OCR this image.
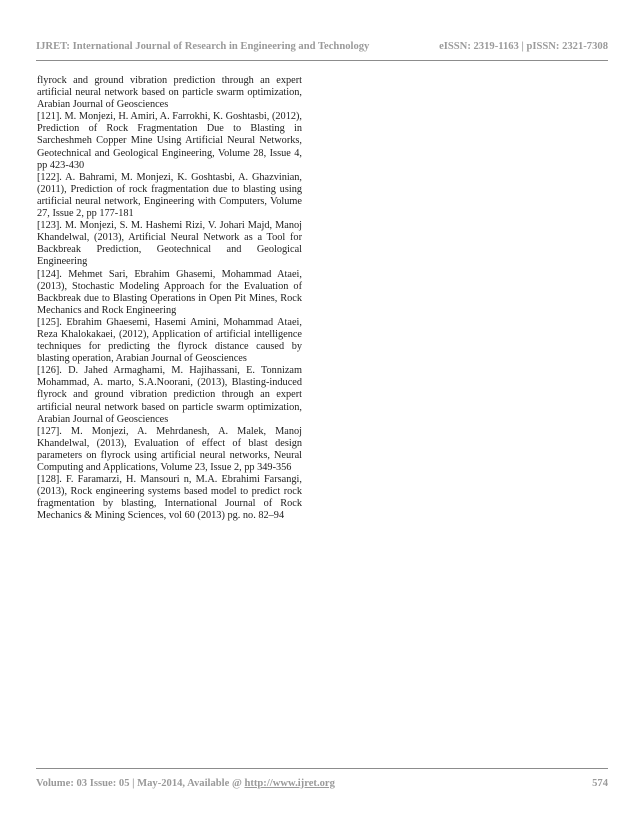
IJRET: International Journal of Research in Engineering and Technology	eISSN: 2319-1163 | pISSN: 2321-7308

flyrock and ground vibration prediction through an expert artificial neural network based on particle swarm optimization, Arabian Journal of Geosciences

[121]. M. Monjezi, H. Amiri, A. Farrokhi, K. Goshtasbi, (2012), Prediction of Rock Fragmentation Due to Blasting in Sarcheshmeh Copper Mine Using Artificial Neural Networks, Geotechnical and Geological Engineering, Volume 28, Issue 4, pp 423-430

[122]. A. Bahrami, M. Monjezi, K. Goshtasbi, A. Ghazvinian, (2011), Prediction of rock fragmentation due to blasting using artificial neural network, Engineering with Computers, Volume 27, Issue 2, pp 177-181

[123]. M. Monjezi, S. M. Hashemi Rizi, V. Johari Majd, Manoj Khandelwal, (2013), Artificial Neural Network as a Tool for Backbreak Prediction, Geotechnical and Geological Engineering

[124]. Mehmet Sari, Ebrahim Ghasemi, Mohammad Ataei, (2013), Stochastic Modeling Approach for the Evaluation of Backbreak due to Blasting Operations in Open Pit Mines, Rock Mechanics and Rock Engineering

[125]. Ebrahim Ghaesemi, Hasemi Amini, Mohammad Ataei, Reza Khalokakaei, (2012), Application of artificial intelligence techniques for predicting the flyrock distance caused by blasting operation, Arabian Journal of Geosciences

[126]. D. Jahed Armaghami, M. Hajihassani, E. Tonnizam Mohammad, A. marto, S.A.Noorani, (2013), Blasting-induced flyrock and ground vibration prediction through an expert artificial neural network based on particle swarm optimization, Arabian Journal of Geosciences

[127]. M. Monjezi, A. Mehrdanesh, A. Malek, Manoj Khandelwal, (2013), Evaluation of effect of blast design parameters on flyrock using artificial neural networks, Neural Computing and Applications, Volume 23, Issue 2, pp 349-356

[128]. F. Faramarzi, H. Mansouri n, M.A. Ebrahimi Farsangi, (2013), Rock engineering systems based model to predict rock fragmentation by blasting, International Journal of Rock Mechanics & Mining Sciences, vol 60 (2013) pg. no. 82–94

Volume: 03 Issue: 05 | May-2014, Available @ http://www.ijret.org	574
